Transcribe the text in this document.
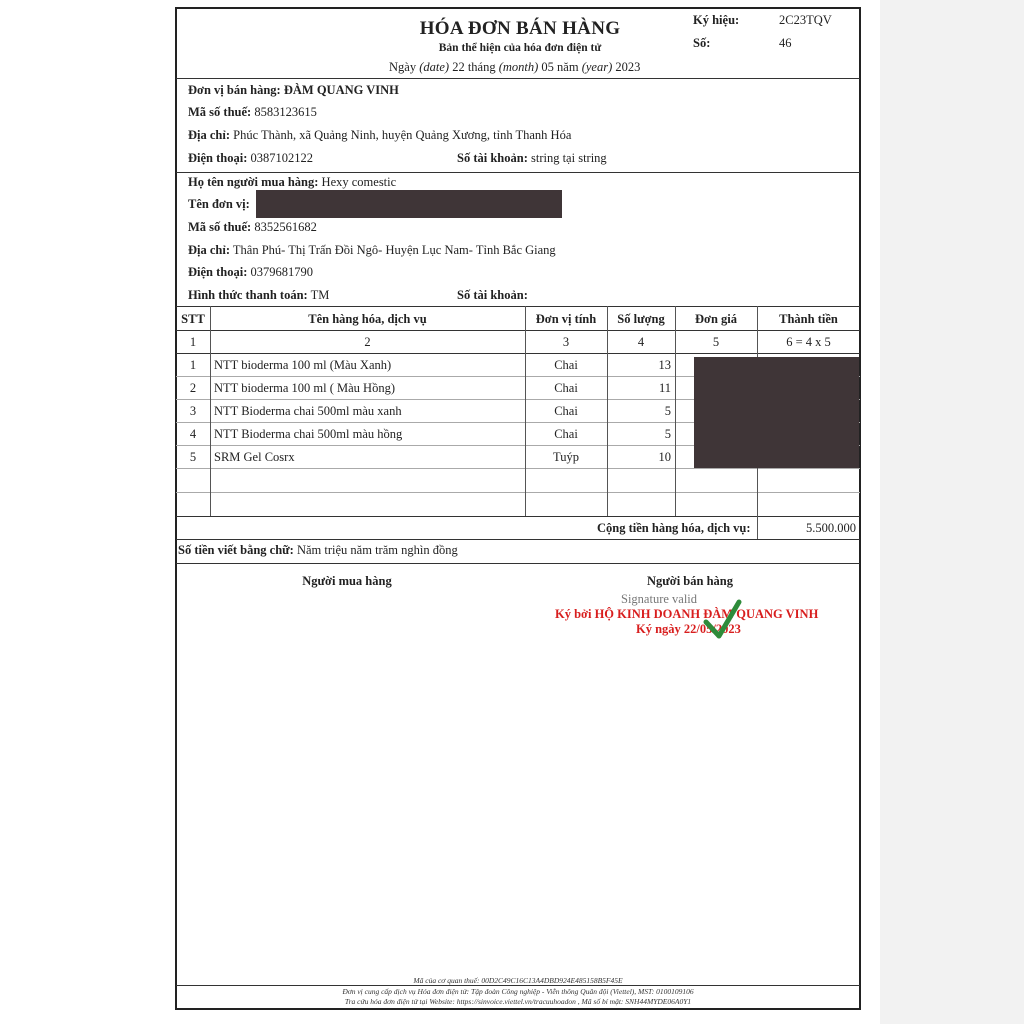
HÓA ĐƠN BÁN HÀNG
Bản thể hiện của hóa đơn điện tử
Ngày (date) 22 tháng (month) 05 năm (year) 2023
Ký hiệu:	2C23TQV
Số:	46
Đơn vị bán hàng: ĐÀM QUANG VINH
Mã số thuế: 8583123615
Địa chỉ: Phúc Thành, xã Quảng Ninh, huyện Quảng Xương, tỉnh Thanh Hóa
Điện thoại: 0387102122	Số tài khoản: string tại string
Họ tên người mua hàng: Hexy comestic
Tên đơn vị:
Mã số thuế: 8352561682
Địa chỉ: Thân Phú- Thị Trấn Đồi Ngô- Huyện Lục Nam- Tỉnh Bắc Giang
Điện thoại: 0379681790
Hình thức thanh toán: TM	Số tài khoản:
STT	Tên hàng hóa, dịch vụ	Đơn vị tính	Số lượng	Đơn giá	Thành tiền
1	2	3	4	5	6 = 4 x 5
1	NTT bioderma 100 ml (Màu Xanh)	Chai	13
2	NTT bioderma 100 ml ( Màu Hồng)	Chai	11
3	NTT Bioderma chai 500ml màu xanh	Chai	5
4	NTT Bioderma chai 500ml màu hồng	Chai	5
5	SRM Gel Cosrx	Tuýp	10
Cộng tiền hàng hóa, dịch vụ:	5.500.000
Số tiền viết bằng chữ: Năm triệu năm trăm nghìn đồng
Người mua hàng	Người bán hàng
Signature valid
Ký bởi HỘ KINH DOANH ĐÀM QUANG VINH
Ký ngày 22/05/2023
Mã của cơ quan thuế: 00D2C49C16C13A4DBD924E485158B5F45E
Đơn vị cung cấp dịch vụ Hóa đơn điện tử: Tập đoàn Công nghiệp - Viễn thông Quân đội (Viettel), MST: 0100109106
Tra cứu hóa đơn điện tử tại Website: https://sinvoice.viettel.vn/tracuuhoadon , Mã số bí mật: SNH44MYDE06A0Y1
